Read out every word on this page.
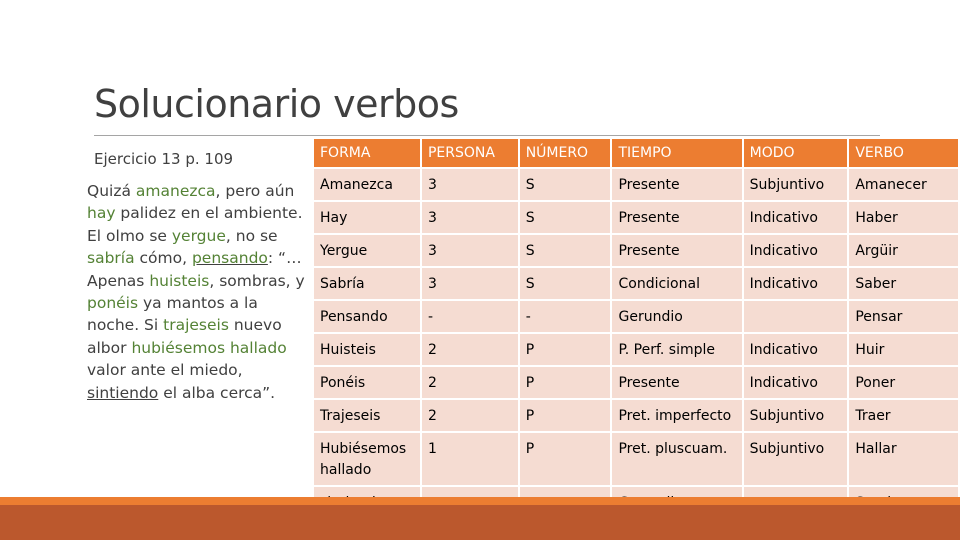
Solucionario verbos
Ejercicio 13 p. 109
Quizá amanezca, pero aún
hay palidez en el ambiente.
El olmo se yergue, no se
sabría cómo, pensando: “…
Apenas huisteis, sombras, y
ponéis ya mantos a la
noche. Si trajeseis nuevo
albor hubiésemos hallado
valor ante el miedo,
sintiendo el alba cerca”.
FORMA	PERSONA	NÚMERO	TIEMPO	MODO	VERBO
Amanezca	3	S	Presente	Subjuntivo	Amanecer
Hay	3	S	Presente	Indicativo	Haber
Yergue	3	S	Presente	Indicativo	Argüir
Sabría	3	S	Condicional	Indicativo	Saber
Pensando	-	-	Gerundio		Pensar
Huisteis	2	P	P. Perf. simple	Indicativo	Huir
Ponéis	2	P	Presente	Indicativo	Poner
Trajeseis	2	P	Pret. imperfecto	Subjuntivo	Traer
Hubiésemos hallado	1	P	Pret. pluscuam.	Subjuntivo	Hallar
